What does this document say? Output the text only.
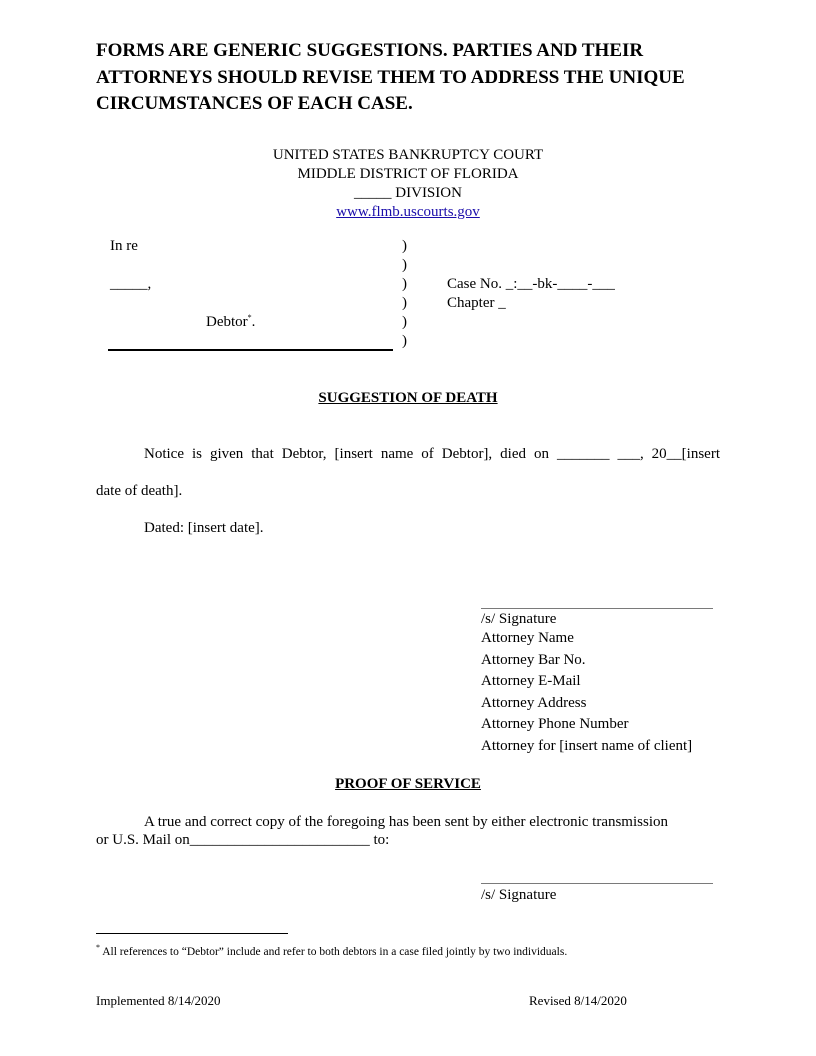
FORMS ARE GENERIC SUGGESTIONS. PARTIES AND THEIR ATTORNEYS SHOULD REVISE THEM TO ADDRESS THE UNIQUE CIRCUMSTANCES OF EACH CASE.
UNITED STATES BANKRUPTCY COURT
MIDDLE DISTRICT OF FLORIDA
_____ DIVISION
www.flmb.uscourts.gov
In re
_____,
Debtor*.
)
)
)
)
)
)
Case No. _:__-bk-____-___
Chapter _
SUGGESTION OF DEATH
Notice is given that Debtor, [insert name of Debtor], died on _______ ___, 20__[insert
date of death].
Dated: [insert date].
/s/ Signature
Attorney Name
Attorney Bar No.
Attorney E-Mail
Attorney Address
Attorney Phone Number
Attorney for [insert name of client]
PROOF OF SERVICE
A true and correct copy of the foregoing has been sent by either electronic transmission
or U.S. Mail on________________________ to:
/s/ Signature
* All references to “Debtor” include and refer to both debtors in a case filed jointly by two individuals.
Implemented 8/14/2020	Revised 8/14/2020
